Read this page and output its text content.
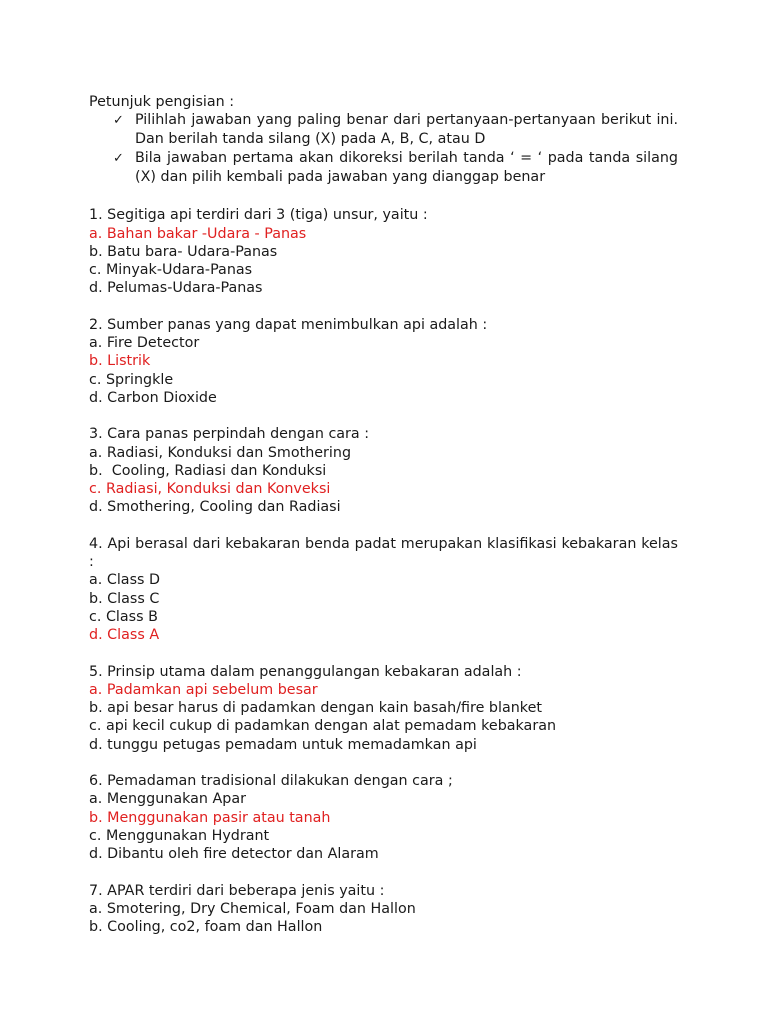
Petunjuk pengisian :

✓ Pilihlah jawaban yang paling benar dari pertanyaan-pertanyaan berikut ini. Dan berilah tanda silang (X) pada A, B, C, atau D
✓ Bila jawaban pertama akan dikoreksi berilah tanda ‘ = ‘ pada tanda silang (X) dan pilih kembali pada jawaban yang dianggap benar
1. Segitiga api terdiri dari 3 (tiga) unsur, yaitu :
a. Bahan bakar -Udara - Panas
b. Batu bara- Udara-Panas
c. Minyak-Udara-Panas
d. Pelumas-Udara-Panas
2. Sumber panas yang dapat menimbulkan api adalah :
a. Fire Detector
b. Listrik
c. Springkle
d. Carbon Dioxide
3. Cara panas perpindah dengan cara :
a. Radiasi, Konduksi dan Smothering
b.  Cooling, Radiasi dan Konduksi
c. Radiasi, Konduksi dan Konveksi
d. Smothering, Cooling dan Radiasi
4. Api berasal dari kebakaran benda padat merupakan klasifikasi kebakaran kelas :
a. Class D
b. Class C
c. Class B
d. Class A
5. Prinsip utama dalam penanggulangan kebakaran adalah :
a. Padamkan api sebelum besar
b. api besar harus di padamkan dengan kain basah/fire blanket
c. api kecil cukup di padamkan dengan alat pemadam kebakaran
d. tunggu petugas pemadam untuk memadamkan api
6. Pemadaman tradisional dilakukan dengan cara ;
a. Menggunakan Apar
b. Menggunakan pasir atau tanah
c. Menggunakan Hydrant
d. Dibantu oleh fire detector dan Alaram
7. APAR terdiri dari beberapa jenis yaitu :
a. Smotering, Dry Chemical, Foam dan Hallon
b. Cooling, co2, foam dan Hallon
